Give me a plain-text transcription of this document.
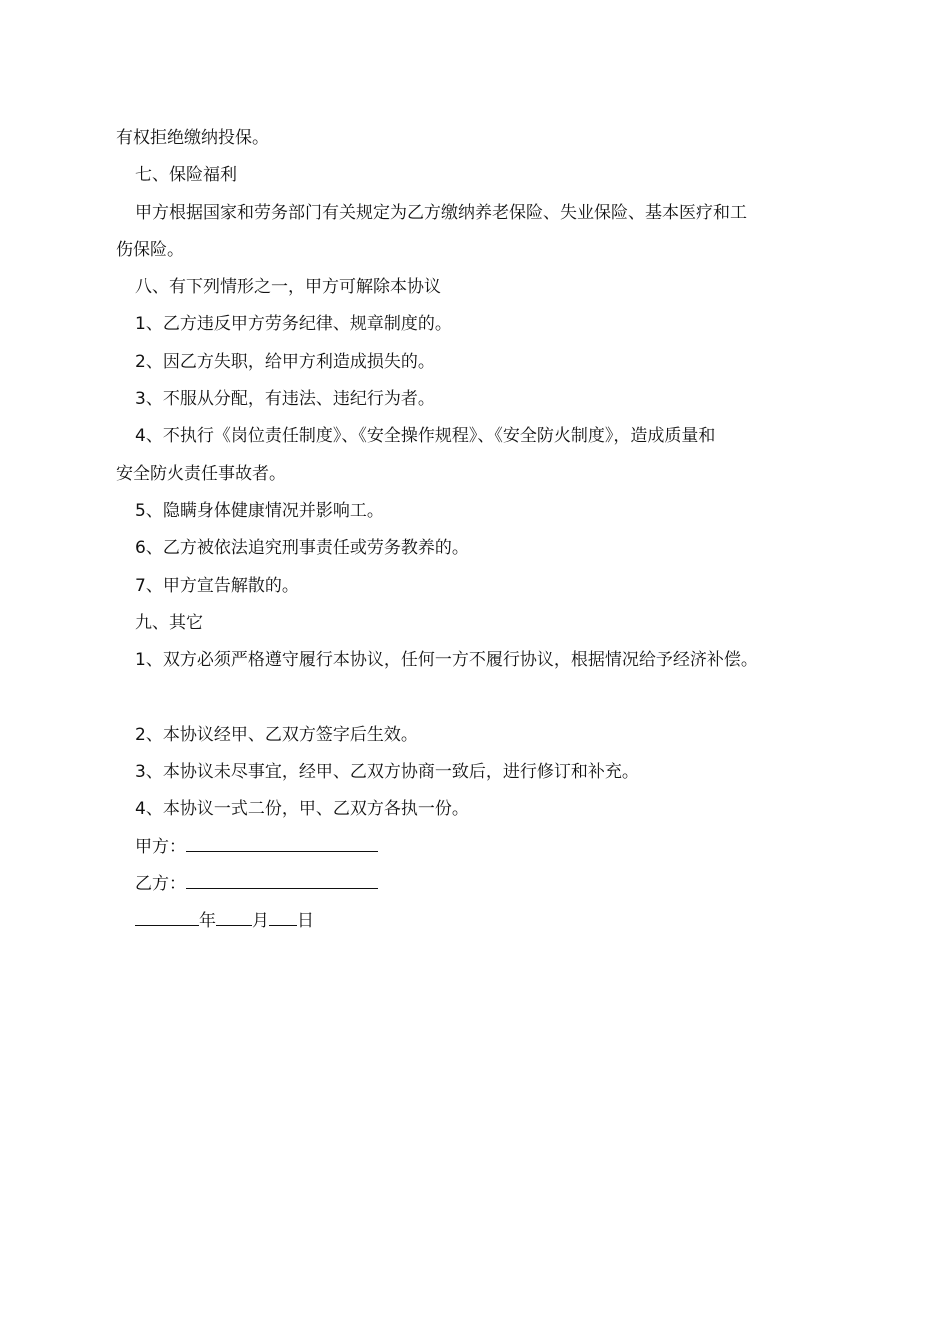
有权拒绝缴纳投保。
七、保险福利
甲方根据国家和劳务部门有关规定为乙方缴纳养老保险、失业保险、基本医疗和工
伤保险。
八、有下列情形之一，甲方可解除本协议
1、乙方违反甲方劳务纪律、规章制度的。
2、因乙方失职，给甲方利造成损失的。
3、不服从分配，有违法、违纪行为者。
4、不执行《岗位责任制度》、《安全操作规程》、《安全防火制度》，造成质量和
安全防火责任事故者。
5、隐瞒身体健康情况并影响工。
6、乙方被依法追究刑事责任或劳务教养的。
7、甲方宣告解散的。
九、其它
1、双方必须严格遵守履行本协议，任何一方不履行协议，根据情况给予经济补偿。
2、本协议经甲、乙双方签字后生效。
3、本协议未尽事宜，经甲、乙双方协商一致后，进行修订和补充。
4、本协议一式二份，甲、乙双方各执一份。
甲方：
乙方：
年 月 日
